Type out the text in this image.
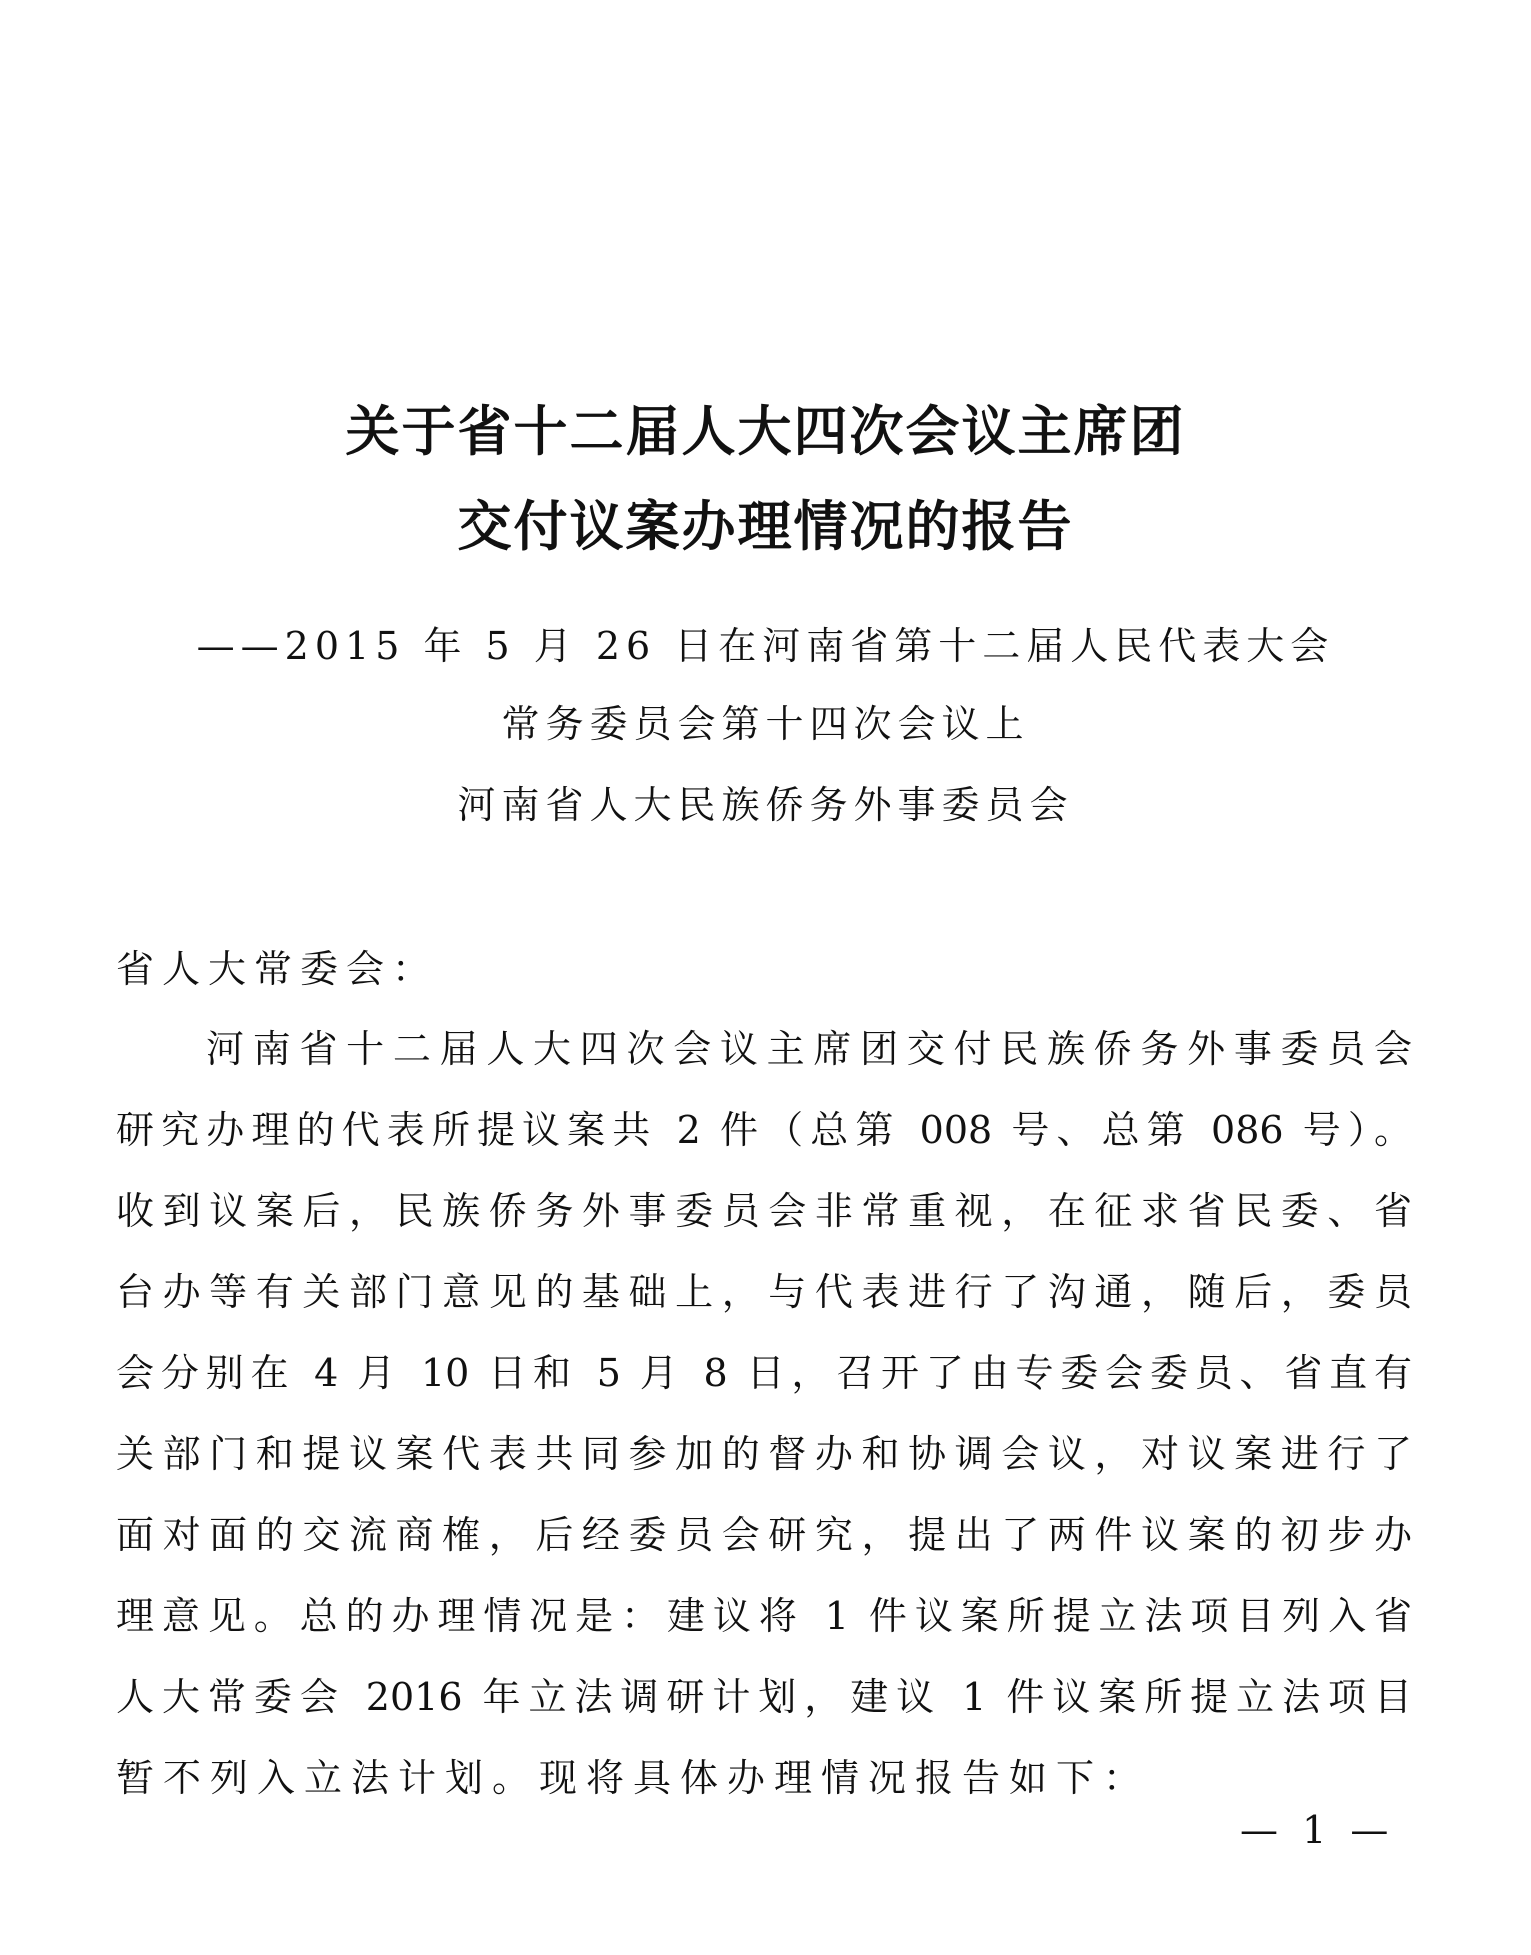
关于省十二届人大四次会议主席团
交付议案办理情况的报告
——2015 年 5 月 26 日在河南省第十二届人民代表大会
常务委员会第十四次会议上
河南省人大民族侨务外事委员会
省人大常委会：
河南省十二届人大四次会议主席团交付民族侨务外事委员会
研究办理的代表所提议案共 2 件（总第 008 号、总第 086 号）。
收到议案后，民族侨务外事委员会非常重视，在征求省民委、省
台办等有关部门意见的基础上，与代表进行了沟通，随后，委员
会分别在 4 月 10 日和 5 月 8 日，召开了由专委会委员、省直有
关部门和提议案代表共同参加的督办和协调会议，对议案进行了
面对面的交流商榷，后经委员会研究，提出了两件议案的初步办
理意见。总的办理情况是：建议将 1 件议案所提立法项目列入省
人大常委会 2016 年立法调研计划，建议 1 件议案所提立法项目
暂不列入立法计划。现将具体办理情况报告如下：
— 1 —
